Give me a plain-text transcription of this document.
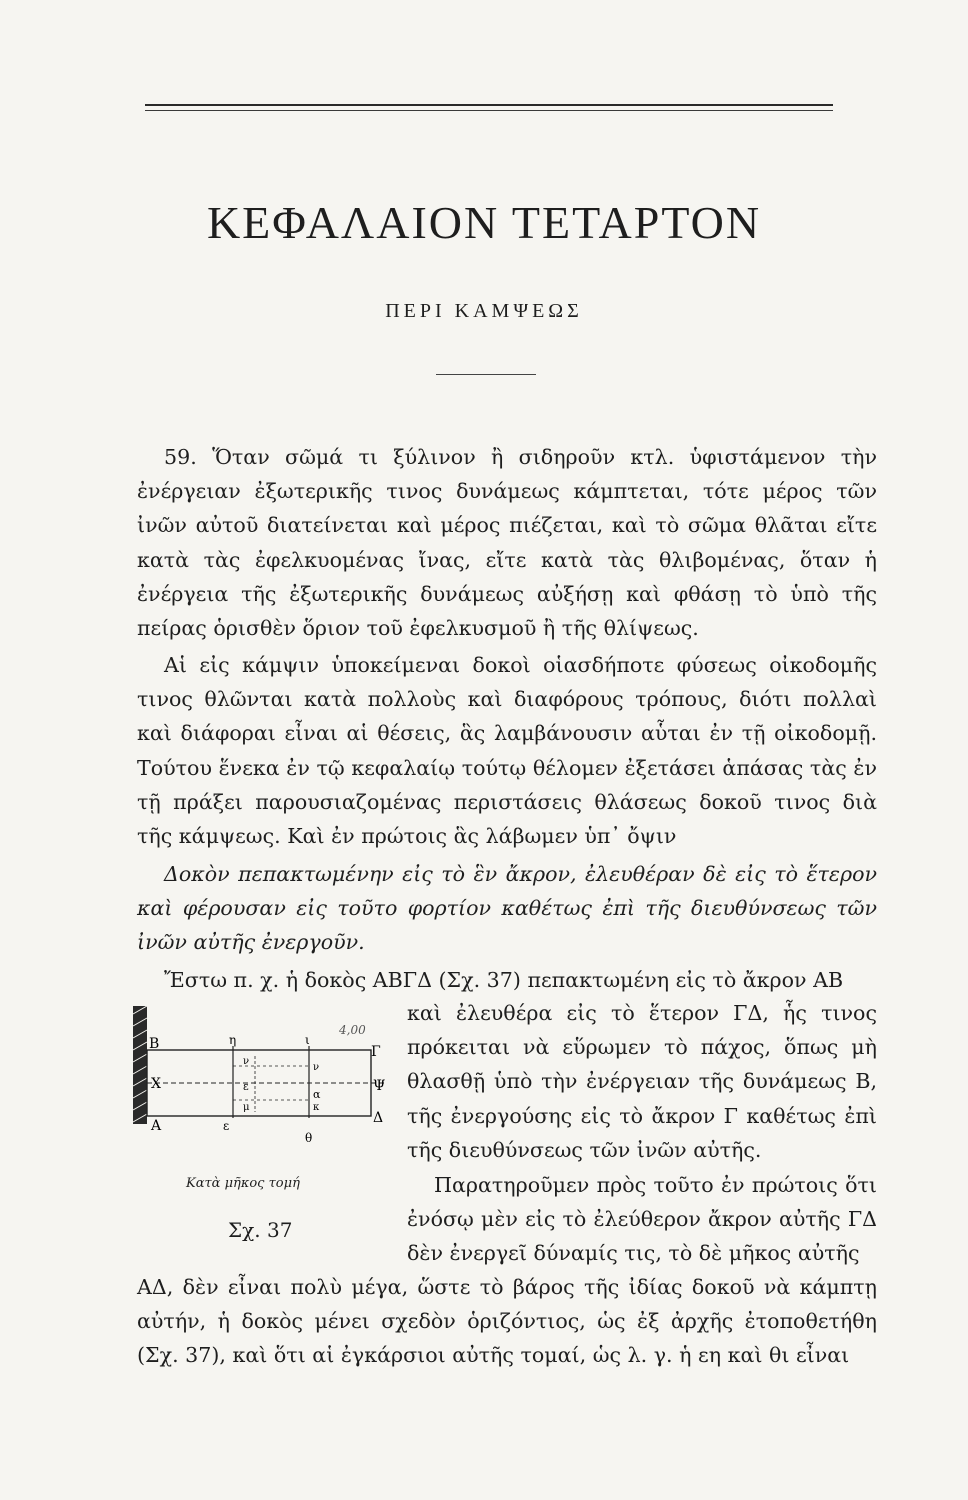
ΚΕΦΑΛΑΙΟΝ ΤΕΤΑΡΤΟΝ
ΠΕΡΙ ΚΑΜΨΕΩΣ

59. Ὅταν σῶμά τι ξύλινον ἢ σιδηροῦν κτλ. ὑφιστάμενον τὴν ἐνέργειαν ἐξωτερικῆς τινος δυνάμεως κάμπτεται, τότε μέρος τῶν ἰνῶν αὐτοῦ διατείνεται καὶ μέρος πιέζεται, καὶ τὸ σῶμα θλᾶται εἴτε κατὰ τὰς ἐφελκυομένας ἴνας, εἴτε κατὰ τὰς θλιβομένας, ὅταν ἡ ἐνέργεια τῆς ἐξωτερικῆς δυνάμεως αὐξήσῃ καὶ φθάσῃ τὸ ὑπὸ τῆς πείρας ὁρισθὲν ὅριον τοῦ ἐφελκυσμοῦ ἢ τῆς θλίψεως.

Αἱ εἰς κάμψιν ὑποκείμεναι δοκοὶ οἱασδήποτε φύσεως οἰκοδομῆς τινος θλῶνται κατὰ πολλοὺς καὶ διαφόρους τρόπους, διότι πολλαὶ καὶ διάφοραι εἶναι αἱ θέσεις, ἃς λαμβάνουσιν αὗται ἐν τῇ οἰκοδομῇ. Τούτου ἕνεκα ἐν τῷ κεφαλαίῳ τούτῳ θέλομεν ἐξετάσει ἁπάσας τὰς ἐν τῇ πράξει παρουσιαζομένας περιστάσεις θλάσεως δοκοῦ τινος διὰ τῆς κάμψεως. Καὶ ἐν πρώτοις ἃς λάβωμεν ὑπ᾽ ὄψιν

Δοκὸν πεπακτωμένην εἰς τὸ ἓν ἄκρον, ἐλευθέραν δὲ εἰς τὸ ἕτερον καὶ φέρουσαν εἰς τοῦτο φορτίον καθέτως ἐπὶ τῆς διευθύνσεως τῶν ἰνῶν αὐτῆς ἐνεργοῦν.

Ἔστω π. χ. ἡ δοκὸς ΑΒΓΔ (Σχ. 37) πεπακτωμένη εἰς τὸ ἄκρον ΑΒ

καὶ ἐλευθέρα εἰς τὸ ἕτερον ΓΔ, ἧς τινος πρόκειται νὰ εὕρωμεν τὸ πάχος, ὅπως μὴ θλασθῇ ὑπὸ τὴν ἐνέργειαν τῆς δυνάμεως Β, τῆς ἐνεργούσης εἰς τὸ ἄκρον Γ καθέτως ἐπὶ τῆς διευθύνσεως τῶν ἰνῶν αὐτῆς.

Παρατηροῦμεν πρὸς τοῦτο ἐν πρώτοις ὅτι ἐνόσῳ μὲν εἰς τὸ ἐλεύθερον ἄκρον αὐτῆς ΓΔ δὲν ἐνεργεῖ δύναμίς τις, τὸ δὲ μῆκος αὐτῆς

ΑΔ, δὲν εἶναι πολὺ μέγα, ὥστε τὸ βάρος τῆς ἰδίας δοκοῦ νὰ κάμπτῃ αὐτήν, ἡ δοκὸς μένει σχεδὸν ὁριζόντιος, ὡς ἐξ ἀρχῆς ἐτοποθετήθη (Σχ. 37), καὶ ὅτι αἱ ἐγκάρσιοι αὐτῆς τομαί, ὡς λ. γ. ἡ εη καὶ θι εἶναι

B
X
A
η	ι
Γ
Ψ
Δ
ε
θ
ν
ν
ε
α
μ	κ
4,00
Κατὰ μῆκος τομή
Σχ. 37
